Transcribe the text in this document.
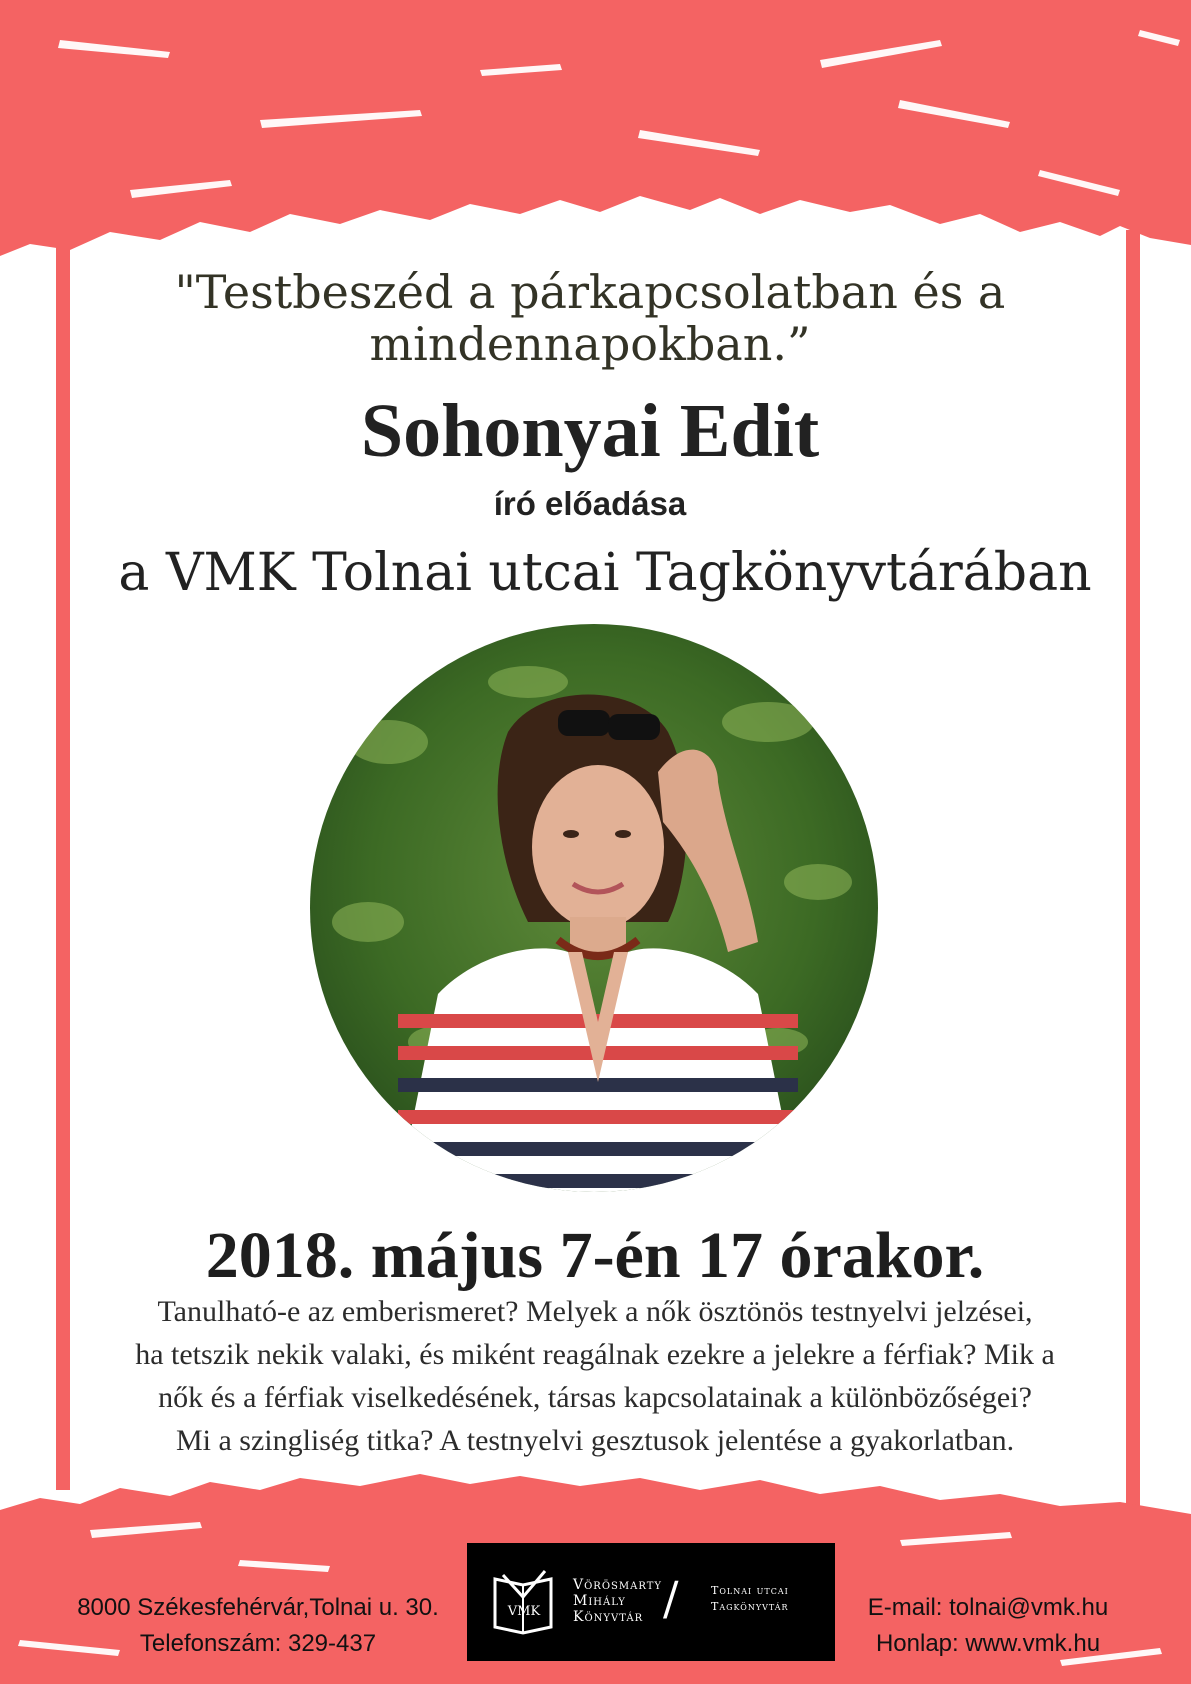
"Testbeszéd a párkapcsolatban és a
mindennapokban.”
Sohonyai Edit
író előadása
a VMK Tolnai utcai Tagkönyvtárában
2018. május 7-én 17 órakor.
Tanulható-e az emberismeret? Melyek a nők ösztönös testnyelvi jelzései,
ha tetszik nekik valaki, és miként reagálnak ezekre a jelekre a férfiak? Mik a
nők és a férfiak viselkedésének, társas kapcsolatainak a különbözőségei?
Mi a szingliség titka? A testnyelvi gesztusok jelentése a gyakorlatban.
8000 Székesfehérvár,Tolnai u. 30.
Telefonszám: 329-437
VMK
Vörösmarty
Mihály
Könyvtár /	Tolnai utcai
Tagkönyvtár	E-mail: tolnai@vmk.hu
Honlap: www.vmk.hu
